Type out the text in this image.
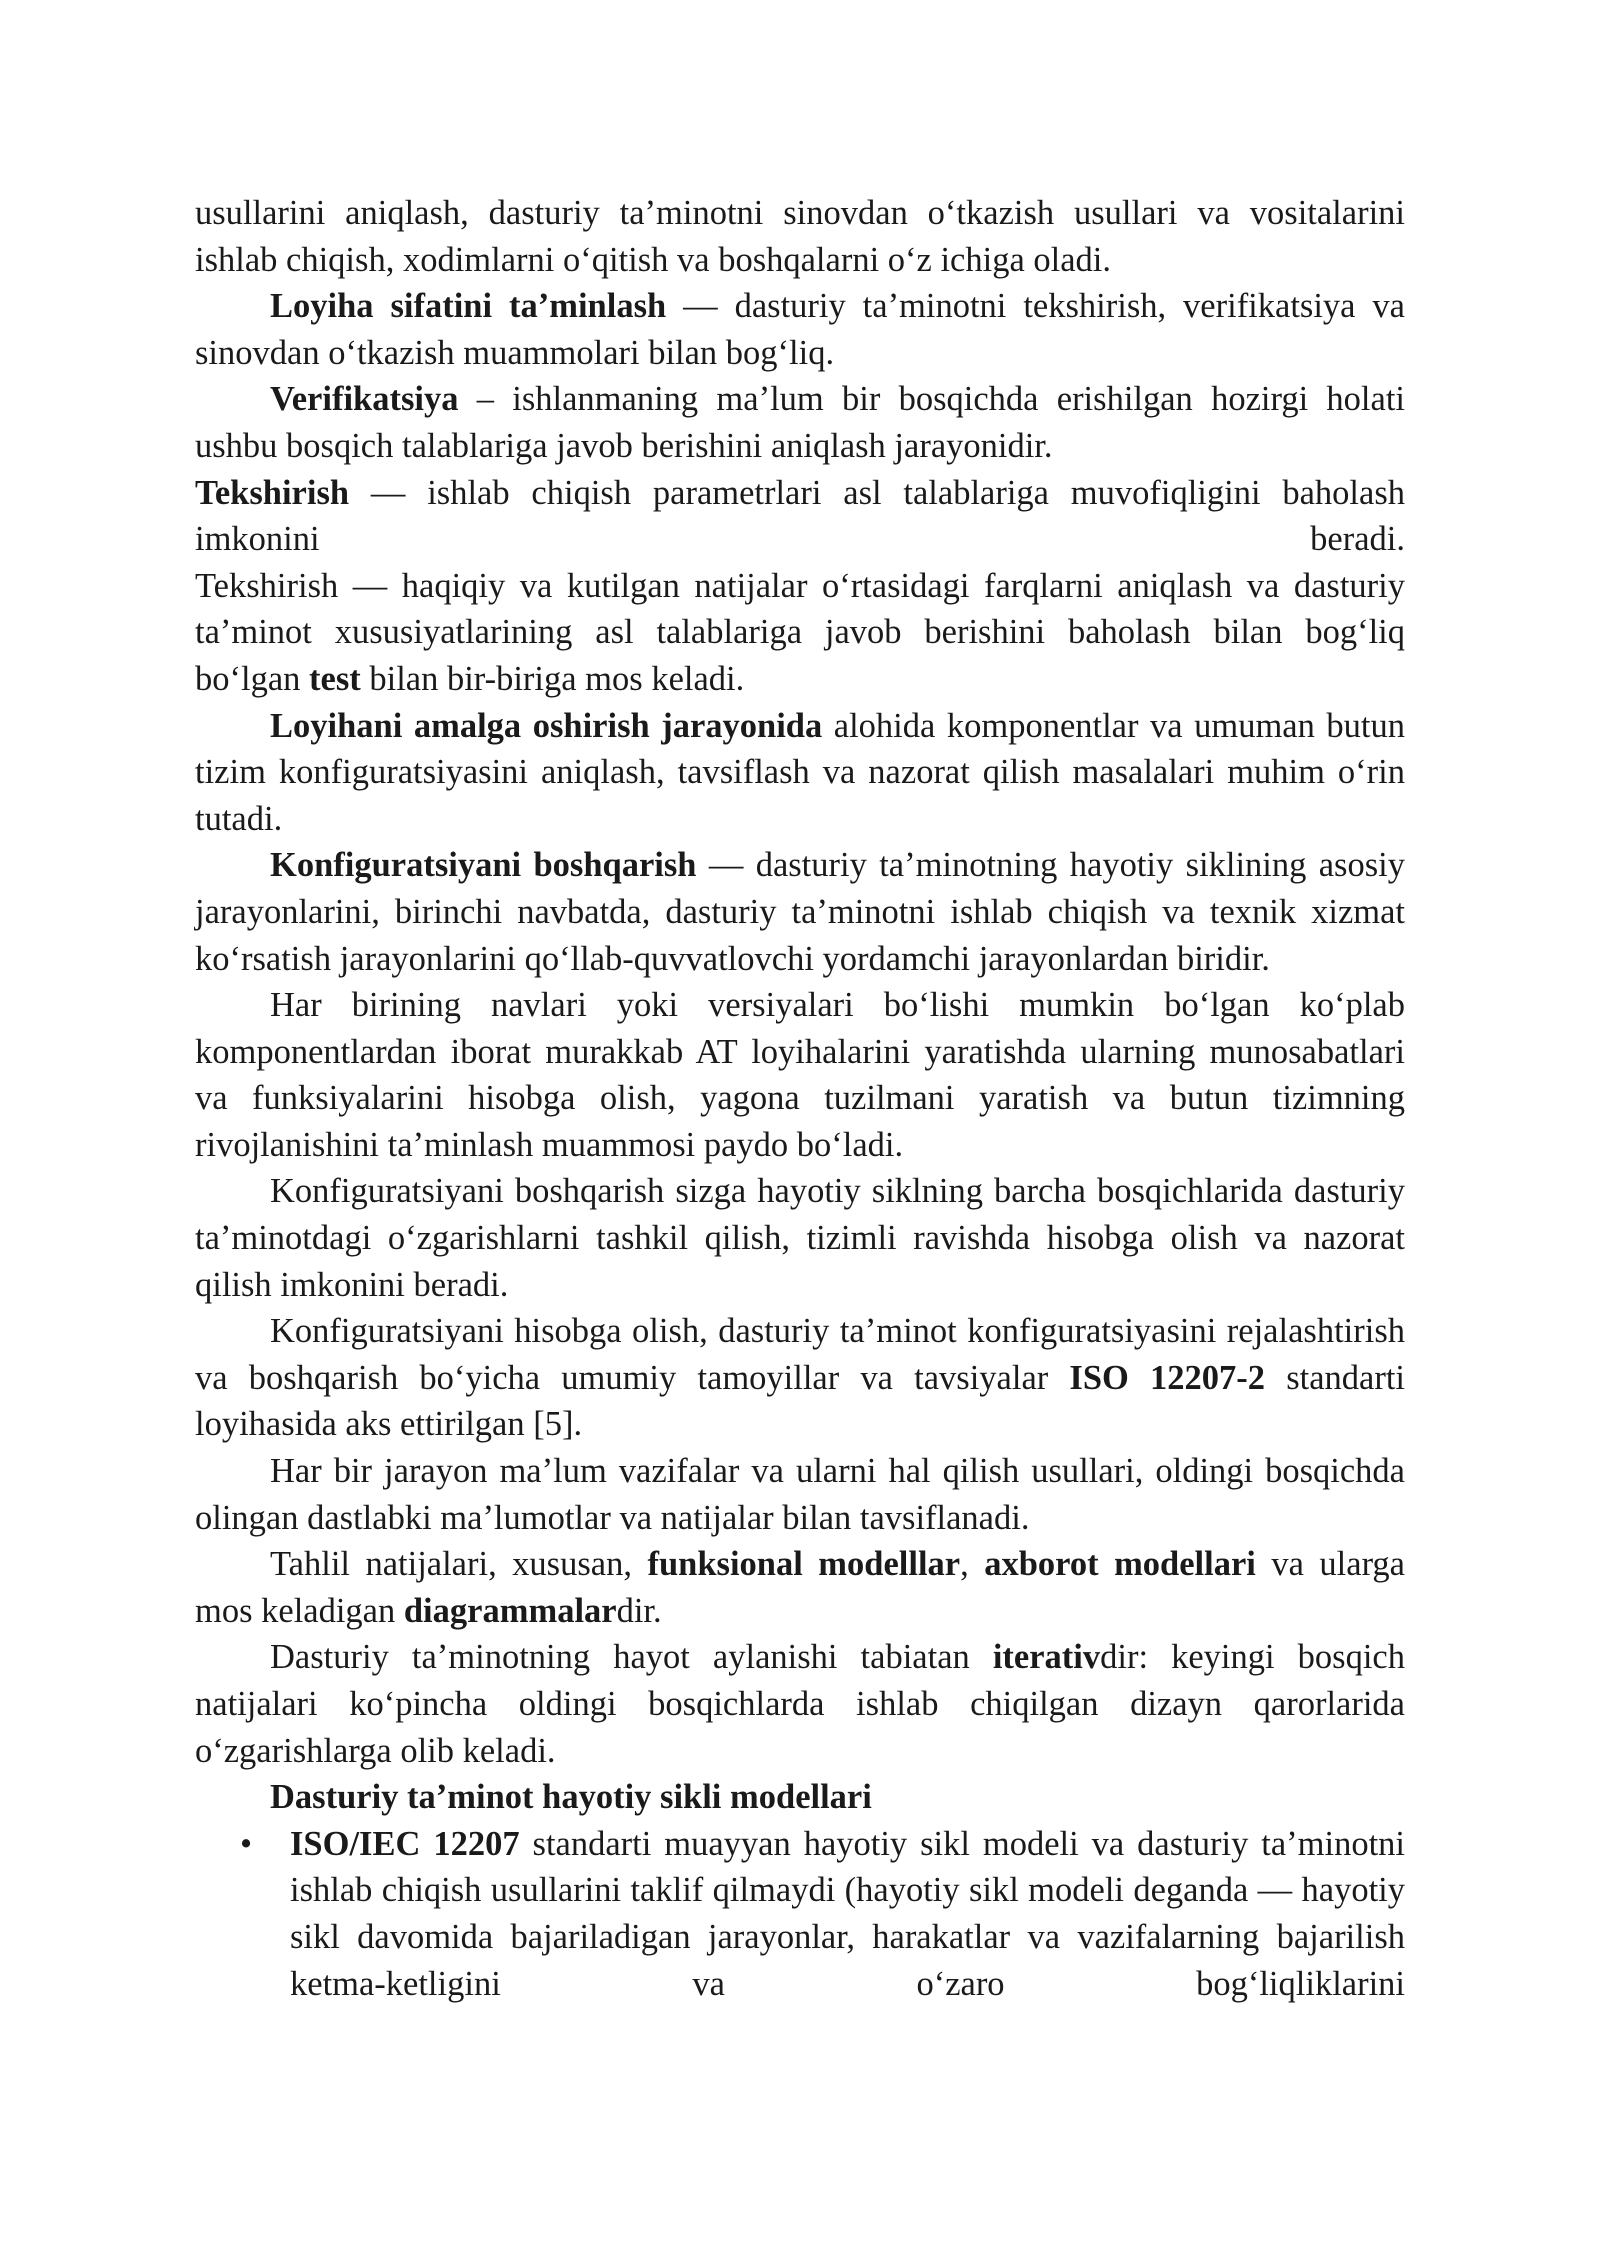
usullarini aniqlash, dasturiy taʼminotni sinovdan oʻtkazish usullari va vositalarini ishlab chiqish, xodimlarni oʻqitish va boshqalarni oʻz ichiga oladi.

Loyiha sifatini taʼminlash — dasturiy taʼminotni tekshirish, verifikatsiya va sinovdan oʻtkazish muammolari bilan bogʻliq.

Verifikatsiya – ishlanmaning maʼlum bir bosqichda erishilgan hozirgi holati ushbu bosqich talablariga javob berishini aniqlash jarayonidir.

Tekshirish — ishlab chiqish parametrlari asl talablariga muvofiqligini baholash imkonini beradi.

Tekshirish — haqiqiy va kutilgan natijalar oʻrtasidagi farqlarni aniqlash va dasturiy taʼminot xususiyatlarining asl talablariga javob berishini baholash bilan bogʻliq boʻlgan test bilan bir-biriga mos keladi.

Loyihani amalga oshirish jarayonida alohida komponentlar va umuman butun tizim konfiguratsiyasini aniqlash, tavsiflash va nazorat qilish masalalari muhim oʻrin tutadi.

Konfiguratsiyani boshqarish — dasturiy taʼminotning hayotiy siklining asosiy jarayonlarini, birinchi navbatda, dasturiy taʼminotni ishlab chiqish va texnik xizmat koʻrsatish jarayonlarini qoʻllab-quvvatlovchi yordamchi jarayonlardan biridir.

Har birining navlari yoki versiyalari boʻlishi mumkin boʻlgan koʻplab komponentlardan iborat murakkab AT loyihalarini yaratishda ularning munosabatlari va funksiyalarini hisobga olish, yagona tuzilmani yaratish va butun tizimning rivojlanishini taʼminlash muammosi paydo boʻladi.

Konfiguratsiyani boshqarish sizga hayotiy siklning barcha bosqichlarida dasturiy taʼminotdagi oʻzgarishlarni tashkil qilish, tizimli ravishda hisobga olish va nazorat qilish imkonini beradi.

Konfiguratsiyani hisobga olish, dasturiy taʼminot konfiguratsiyasini rejalashtirish va boshqarish boʻyicha umumiy tamoyillar va tavsiyalar ISO 12207-2 standarti loyihasida aks ettirilgan [5].

Har bir jarayon maʼlum vazifalar va ularni hal qilish usullari, oldingi bosqichda olingan dastlabki maʼlumotlar va natijalar bilan tavsiflanadi.

Tahlil natijalari, xususan, funksional modelllar, axborot modellari va ularga mos keladigan diagrammalardir.

Dasturiy taʼminotning hayot aylanishi tabiatan iterativdir: keyingi bosqich natijalari koʻpincha oldingi bosqichlarda ishlab chiqilgan dizayn qarorlarida oʻzgarishlarga olib keladi.

Dasturiy taʼminot hayotiy sikli modellari

• ISO/IEC 12207 standarti muayyan hayotiy sikl modeli va dasturiy taʼminotni ishlab chiqish usullarini taklif qilmaydi (hayotiy sikl modeli deganda — hayotiy sikl davomida bajariladigan jarayonlar, harakatlar va vazifalarning bajarilish ketma-ketligini va oʻzaro bogʻliqliklarini
